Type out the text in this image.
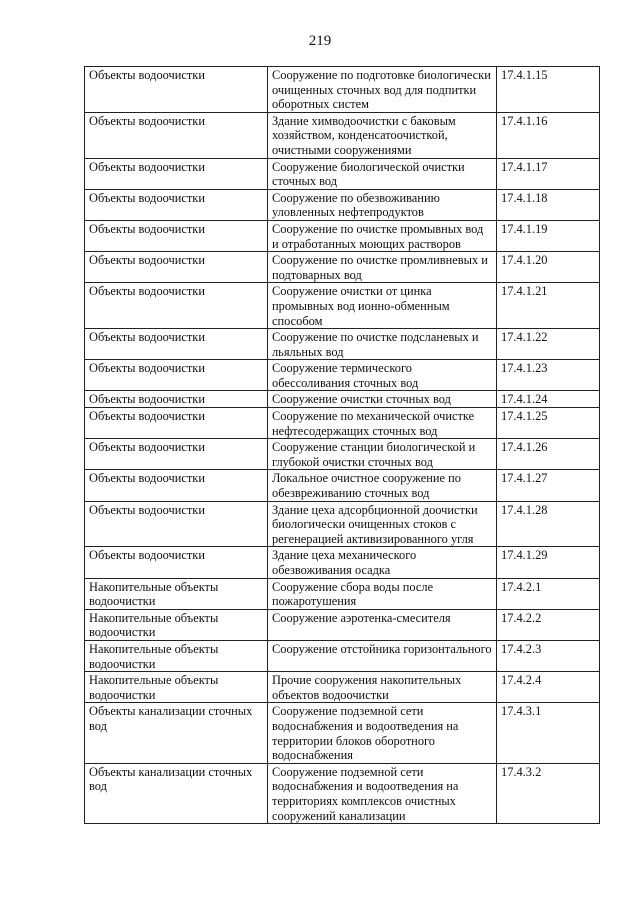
219
Объекты водоочистки	Сооружение по подготовке биологически очищенных сточных вод для подпитки оборотных систем	17.4.1.15
Объекты водоочистки	Здание химводоочистки с баковым хозяйством, конденсатоочисткой, очистными сооружениями	17.4.1.16
Объекты водоочистки	Сооружение биологической очистки сточных вод	17.4.1.17
Объекты водоочистки	Сооружение по обезвоживанию уловленных нефтепродуктов	17.4.1.18
Объекты водоочистки	Сооружение по очистке промывных вод и отработанных моющих растворов	17.4.1.19
Объекты водоочистки	Сооружение по очистке промливневых и подтоварных вод	17.4.1.20
Объекты водоочистки	Сооружение очистки от цинка промывных вод ионно-обменным способом	17.4.1.21
Объекты водоочистки	Сооружение по очистке подсланевых и льяльных вод	17.4.1.22
Объекты водоочистки	Сооружение термического обессоливания сточных вод	17.4.1.23
Объекты водоочистки	Сооружение очистки сточных вод	17.4.1.24
Объекты водоочистки	Сооружение по механической очистке нефтесодержащих сточных вод	17.4.1.25
Объекты водоочистки	Сооружение станции биологической и глубокой очистки сточных вод	17.4.1.26
Объекты водоочистки	Локальное очистное сооружение по обезвреживанию сточных вод	17.4.1.27
Объекты водоочистки	Здание цеха адсорбционной доочистки биологически очищенных стоков с регенерацией активизированного угля	17.4.1.28
Объекты водоочистки	Здание цеха механического обезвоживания осадка	17.4.1.29
Накопительные объекты водоочистки	Сооружение сбора воды после пожаротушения	17.4.2.1
Накопительные объекты водоочистки	Сооружение аэротенка-смесителя	17.4.2.2
Накопительные объекты водоочистки	Сооружение отстойника горизонтального	17.4.2.3
Накопительные объекты водоочистки	Прочие сооружения накопительных объектов водоочистки	17.4.2.4
Объекты канализации сточных вод	Сооружение подземной сети водоснабжения и водоотведения на территории блоков оборотного водоснабжения	17.4.3.1
Объекты канализации сточных вод	Сооружение подземной сети водоснабжения и водоотведения на территориях комплексов очистных сооружений канализации	17.4.3.2
